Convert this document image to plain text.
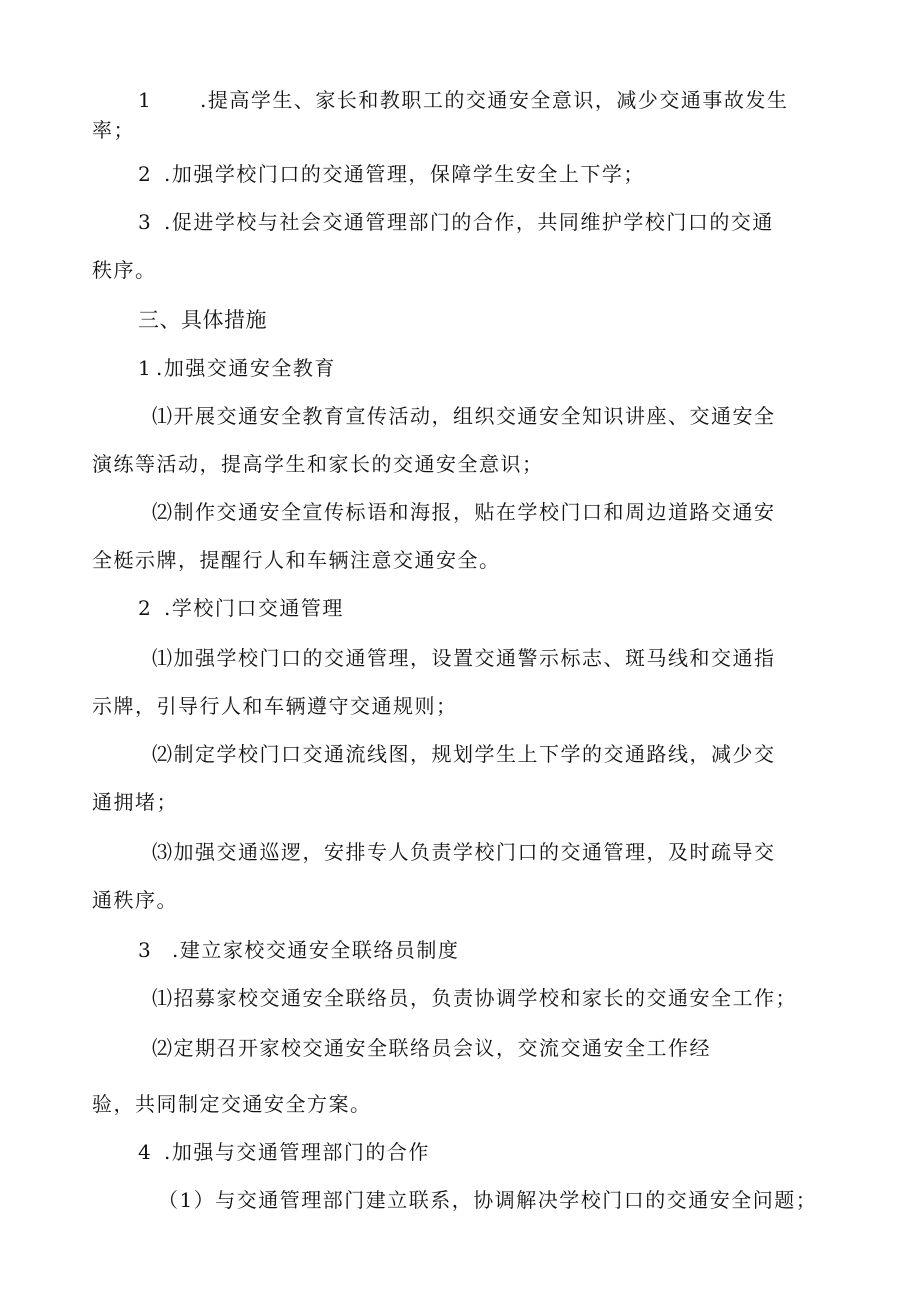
1 .提高学生、家长和教职工的交通安全意识，减少交通事故发生
率；
2 .加强学校门口的交通管理，保障学生安全上下学；
3 .促进学校与社会交通管理部门的合作，共同维护学校门口的交通
秩序。
三、具体措施
1 .加强交通安全教育
⑴开展交通安全教育宣传活动，组织交通安全知识讲座、交通安全
演练等活动，提高学生和家长的交通安全意识；
⑵制作交通安全宣传标语和海报，贴在学校门口和周边道路交通安
全梃示牌，提醒行人和车辆注意交通安全。
2 .学校门口交通管理
⑴加强学校门口的交通管理，设置交通警示标志、斑马线和交通指
示牌，引导行人和车辆遵守交通规则；
⑵制定学校门口交通流线图，规划学生上下学的交通路线，减少交
通拥堵；
⑶加强交通巡逻，安排专人负责学校门口的交通管理，及时疏导交
通秩序。
3 .建立家校交通安全联络员制度
⑴招募家校交通安全联络员，负责协调学校和家长的交通安全工作；
⑵定期召开家校交通安全联络员会议，交流交通安全工作经
验，共同制定交通安全方案。
4 .加强与交通管理部门的合作
（1）与交通管理部门建立联系，协调解决学校门口的交通安全问题；
